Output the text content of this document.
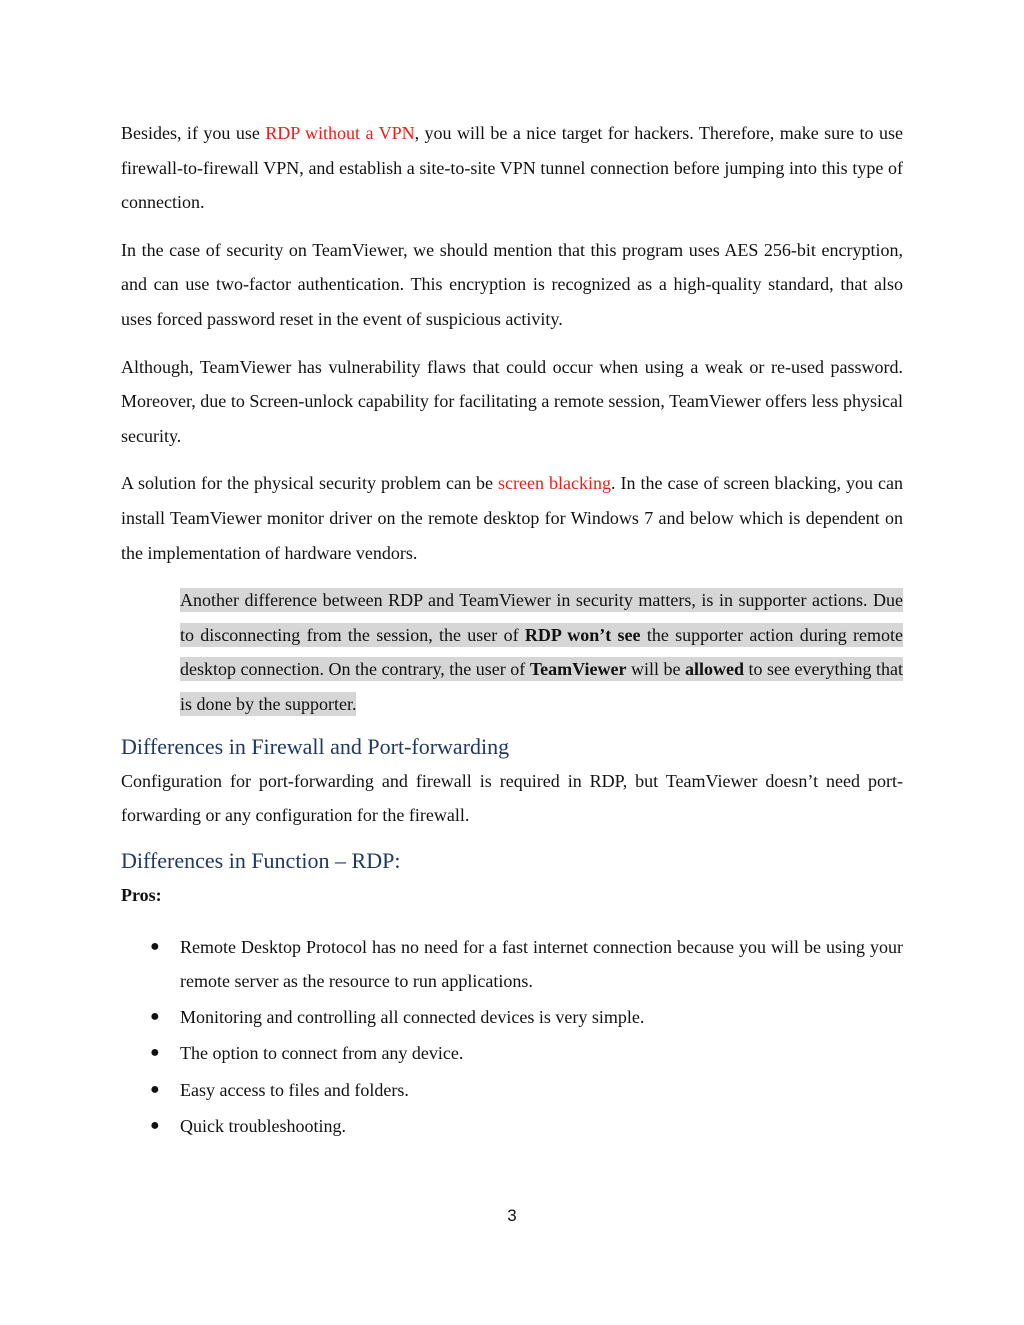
Besides, if you use RDP without a VPN, you will be a nice target for hackers. Therefore, make sure to use firewall-to-firewall VPN, and establish a site-to-site VPN tunnel connection before jumping into this type of connection.

In the case of security on TeamViewer, we should mention that this program uses AES 256-bit encryption, and can use two-factor authentication. This encryption is recognized as a high-quality standard, that also uses forced password reset in the event of suspicious activity.

Although, TeamViewer has vulnerability flaws that could occur when using a weak or re-used password. Moreover, due to Screen-unlock capability for facilitating a remote session, TeamViewer offers less physical security.

A solution for the physical security problem can be screen blacking. In the case of screen blacking, you can install TeamViewer monitor driver on the remote desktop for Windows 7 and below which is dependent on the implementation of hardware vendors.

Another difference between RDP and TeamViewer in security matters, is in supporter actions. Due to disconnecting from the session, the user of RDP won’t see the supporter action during remote desktop connection. On the contrary, the user of TeamViewer will be allowed to see everything that is done by the supporter.
Differences in Firewall and Port-forwarding

Configuration for port-forwarding and firewall is required in RDP, but TeamViewer doesn’t need port-forwarding or any configuration for the firewall.

Differences in Function – RDP:
Pros:
● Remote Desktop Protocol has no need for a fast internet connection because you will be using your remote server as the resource to run applications.
● Monitoring and controlling all connected devices is very simple.
● The option to connect from any device.
● Easy access to files and folders.
● Quick troubleshooting.
3
